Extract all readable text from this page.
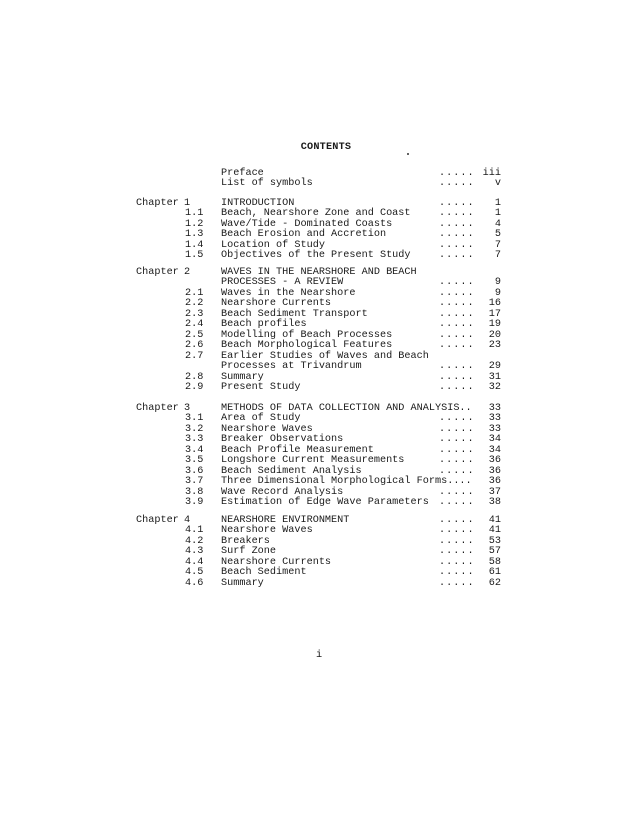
CONTENTS
Preface	..... iii
List of symbols	..... v
Chapter 1	INTRODUCTION	..... 1
1.1 Beach, Nearshore Zone and Coast	..... 1
1.2 Wave/Tide - Dominated Coasts	..... 4
1.3 Beach Erosion and Accretion	..... 5
1.4 Location of Study	..... 7
1.5 Objectives of the Present Study	..... 7
Chapter 2	WAVES IN THE NEARSHORE AND BEACH
PROCESSES - A REVIEW	..... 9
2.1 Waves in the Nearshore	..... 9
2.2 Nearshore Currents	..... 16
2.3 Beach Sediment Transport	..... 17
2.4 Beach profiles	..... 19
2.5 Modelling of Beach Processes	..... 20
2.6 Beach Morphological Features	..... 23
2.7 Earlier Studies of Waves and Beach
Processes at Trivandrum	..... 29
2.8 Summary	..... 31
2.9 Present Study	..... 32
Chapter 3	METHODS OF DATA COLLECTION AND ANALYSIS.. 33
3.1 Area of Study	..... 33
3.2 Nearshore Waves	..... 33
3.3 Breaker Observations	..... 34
3.4 Beach Profile Measurement	..... 34
3.5 Longshore Current Measurements	..... 36
3.6 Beach Sediment Analysis	..... 36
3.7 Three Dimensional Morphological Forms.... 36
3.8 Wave Record Analysis	..... 37
3.9 Estimation of Edge Wave Parameters ..... 38
Chapter 4	NEARSHORE ENVIRONMENT	..... 41
4.1 Nearshore Waves	..... 41
4.2 Breakers	..... 53
4.3 Surf Zone	..... 57
4.4 Nearshore Currents	..... 58
4.5 Beach Sediment	..... 61
4.6 Summary	..... 62
i
